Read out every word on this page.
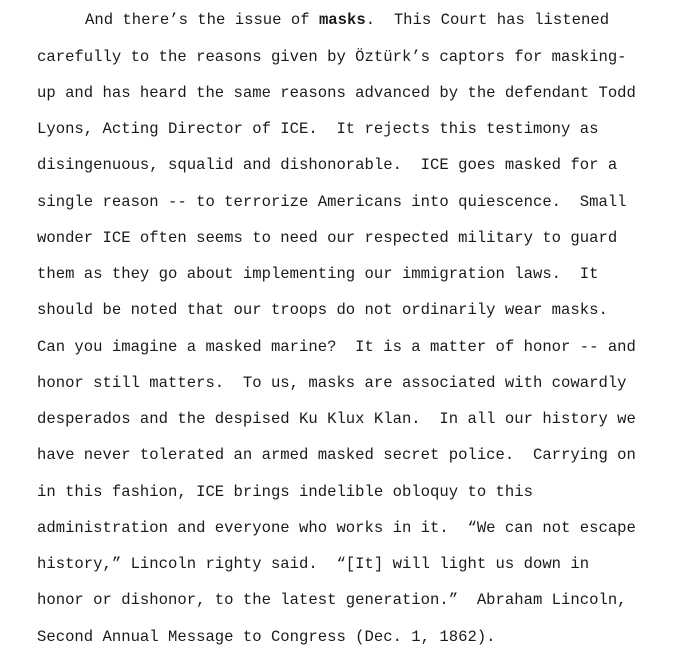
And there’s the issue of masks.  This Court has listened

carefully to the reasons given by Öztürk’s captors for masking-

up and has heard the same reasons advanced by the defendant Todd

Lyons, Acting Director of ICE.  It rejects this testimony as

disingenuous, squalid and dishonorable.  ICE goes masked for a

single reason -- to terrorize Americans into quiescence.  Small

wonder ICE often seems to need our respected military to guard

them as they go about implementing our immigration laws.  It

should be noted that our troops do not ordinarily wear masks.

Can you imagine a masked marine?  It is a matter of honor -- and

honor still matters.  To us, masks are associated with cowardly

desperados and the despised Ku Klux Klan.  In all our history we

have never tolerated an armed masked secret police.  Carrying on

in this fashion, ICE brings indelible obloquy to this

administration and everyone who works in it.  “We can not escape

history,” Lincoln righty said.  “[It] will light us down in

honor or dishonor, to the latest generation.”  Abraham Lincoln,

Second Annual Message to Congress (Dec. 1, 1862).
